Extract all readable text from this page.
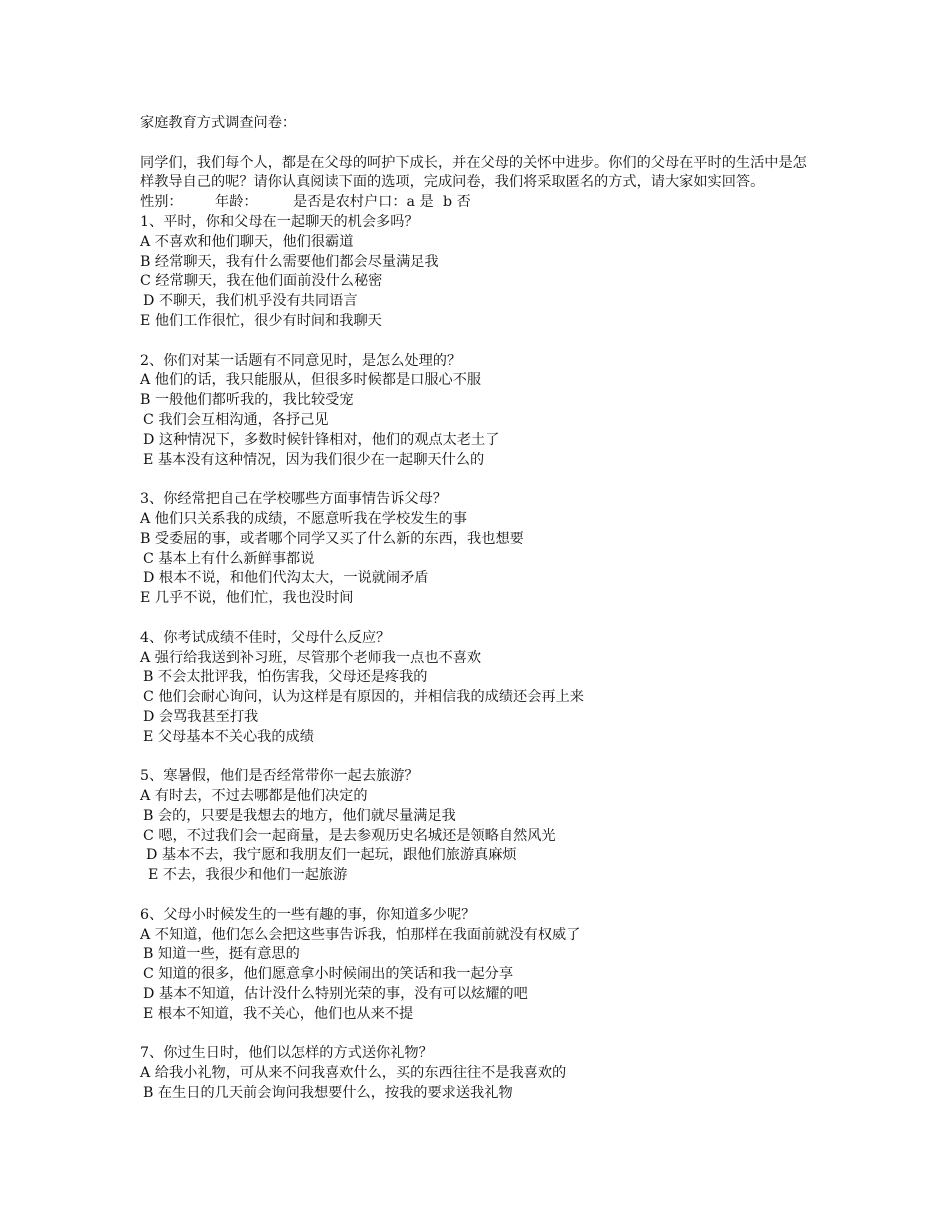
家庭教育方式调查问卷：

同学们，我们每个人，都是在父母的呵护下成长，并在父母的关怀中进步。你们的父母在平时的生活中是怎样教导自己的呢？请你认真阅读下面的选项，完成问卷，我们将采取匿名的方式，请大家如实回答。

性别： 年龄： 是否是农村户口：a 是 b 否

1、平时，你和父母在一起聊天的机会多吗？

A 不喜欢和他们聊天，他们很霸道

B 经常聊天，我有什么需要他们都会尽量满足我

C 经常聊天，我在他们面前没什么秘密

D 不聊天，我们机乎没有共同语言

E 他们工作很忙，很少有时间和我聊天

2、你们对某一话题有不同意见时，是怎么处理的？

A 他们的话，我只能服从，但很多时候都是口服心不服

B 一般他们都听我的，我比较受宠

C 我们会互相沟通，各抒己见

D 这种情况下，多数时候针锋相对，他们的观点太老土了

E 基本没有这种情况，因为我们很少在一起聊天什么的

3、你经常把自己在学校哪些方面事情告诉父母？

A 他们只关系我的成绩，不愿意听我在学校发生的事

B 受委屈的事，或者哪个同学又买了什么新的东西，我也想要

C 基本上有什么新鲜事都说

D 根本不说，和他们代沟太大，一说就闹矛盾

E 几乎不说，他们忙，我也没时间

4、你考试成绩不佳时，父母什么反应？

A 强行给我送到补习班，尽管那个老师我一点也不喜欢

B 不会太批评我，怕伤害我，父母还是疼我的

C 他们会耐心询问，认为这样是有原因的，并相信我的成绩还会再上来

D 会骂我甚至打我

E 父母基本不关心我的成绩

5、寒暑假，他们是否经常带你一起去旅游？

A 有时去，不过去哪都是他们决定的

B 会的，只要是我想去的地方，他们就尽量满足我

C 嗯，不过我们会一起商量，是去参观历史名城还是领略自然风光

D 基本不去，我宁愿和我朋友们一起玩，跟他们旅游真麻烦

E 不去，我很少和他们一起旅游

6、父母小时候发生的一些有趣的事，你知道多少呢？

A 不知道，他们怎么会把这些事告诉我，怕那样在我面前就没有权威了

B 知道一些，挺有意思的

C 知道的很多，他们愿意拿小时候闹出的笑话和我一起分享

D 基本不知道，估计没什么特别光荣的事，没有可以炫耀的吧

E 根本不知道，我不关心，他们也从来不提

7、你过生日时，他们以怎样的方式送你礼物？

A 给我小礼物，可从来不问我喜欢什么，买的东西往往不是我喜欢的

B 在生日的几天前会询问我想要什么，按我的要求送我礼物
